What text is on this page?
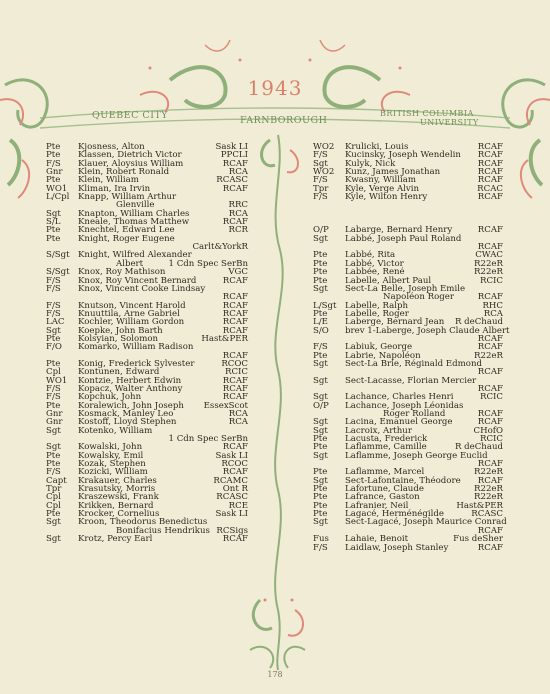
1943
QUEBEC CITY	FARNBOROUGH
BRITISH COLUMBIA
UNIVERSITY
Pte Kjosness, Alton	Sask LI
Pte Klassen, Dietrich Victor	PPCLI
F/S Klauer, Aloysius William	RCAF
Gnr Klein, Robert Ronald	RCA
Pte Klein, William	RCASC
WO1 Kliman, Ira Irvin	RCAF
L/Cpl Knapp, William Arthur
Glenville	RRC
Sgt Knapton, William Charles	RCA
S/L Kneale, Thomas Matthew	RCAF
Pte Knechtel, Edward Lee	RCR
Pte Knight, Roger Eugene
Carlt&YorkR
S/Sgt Knight, Wilfred Alexander
Albert	1 Cdn Spec SerBn
S/Sgt Knox, Roy Mathison	VGC
F/S Knox, Roy Vincent Bernard	RCAF
F/S Knox, Vincent Cooke Lindsay
RCAF
F/S Knutson, Vincent Harold	RCAF
F/S Knuuttila, Arne Gabriel	RCAF
LAC Kochler, William Gordon	RCAF
Sgt Koepke, John Barth	RCAF
Pte Kolsyian, Solomon	Hast&PER
F/O Komarko, William Radison
RCAF
Pte Konig, Frederick Sylvester	RCOC
Cpl Kontunen, Edward	RCIC
WO1 Kontzie, Herbert Edwin	RCAF
F/S Kopacz, Walter Anthony	RCAF
F/S Kopchuk, John	RCAF
Pte Koralewich, John Joseph EssexScot
Gnr Kosmack, Manley Leo	RCA
Gnr Kostoff, Lloyd Stephen	RCA
Sgt Kotenko, William
1 Cdn Spec SerBn
Sgt Kowalski, John	RCAF
Pte Kowalsky, Emil	Sask LI
Pte Kozak, Stephen	RCOC
F/S Kozicki, William	RCAF
Capt Krakauer, Charles	RCAMC
Tpr Krasutsky, Morris	Ont R
Cpl Kraszewski, Frank	RCASC
Cpl Krikken, Bernard	RCE
Pte Krocker, Cornelius	Sask LI
Sgt Kroon, Theodorus Benedictus
Bonifacius Hendrikus RCSigs
Sgt Krotz, Percy Earl	RCAF
WO2 Krulicki, Louis	RCAF
F/S Kucinsky, Joseph Wendelin RCAF
Sgt Kulyk, Nick	RCAF
WO2 Kunz, James Jonathan	RCAF
F/S Kwasny, William	RCAF
Tpr Kyle, Verge Alvin	RCAC
F/S Kyle, Wilton Henry	RCAF
O/P Labarge, Bernard Henry	RCAF
Sgt Labbé, Joseph Paul Roland
RCAF
Pte Labbé, Rita	CWAC
Pte Labbé, Victor	R22eR
Pte Labbée, René	R22eR
Pte Labelle, Albert Paul	RCIC
Sgt Sect-La Belle, Joseph Emile
Napoléon Roger	RCAF
L/Sgt Labelle, Ralph	RHC
Pte Labelle, Roger	RCA
L/E Laberge, Bernard Jean R deChaud
S/O brev 1-Laberge, Joseph Claude Albert
RCAF
F/S Labiuk, George	RCAF
Pte Labrie, Napoléon	R22eR
Sgt Sect-La Brie, Réginald Edmond
RCAF
Sgt Sect-Lacasse, Florian Mercier
RCAF
Sgt Lachance, Charles Henri	RCIC
O/P Lachance, Joseph Léonidas
Roger Rolland	RCAF
Sgt Lacina, Emanuel George	RCAF
Sgt Lacroix, Arthur	CHofO
Pte Lacusta, Frederick	RCIC
Pte Laflamme, Camille	R deChaud
Sgt Laflamme, Joseph George Euclid
RCAF
Pte Laflamme, Marcel	R22eR
Sgt Sect-Lafontaine, Théodore RCAF
Pte Lafortune, Claude	R22eR
Pte Lafrance, Gaston	R22eR
Pte Lafranier, Neil	Hast&PER
Pte Lagacé, Herménégilde	RCASC
Sgt Sect-Lagacé, Joseph Maurice Conrad
RCAF
Fus Lahaie, Benoit	Fus deSher
F/S Laidlaw, Joseph Stanley	RCAF
178
